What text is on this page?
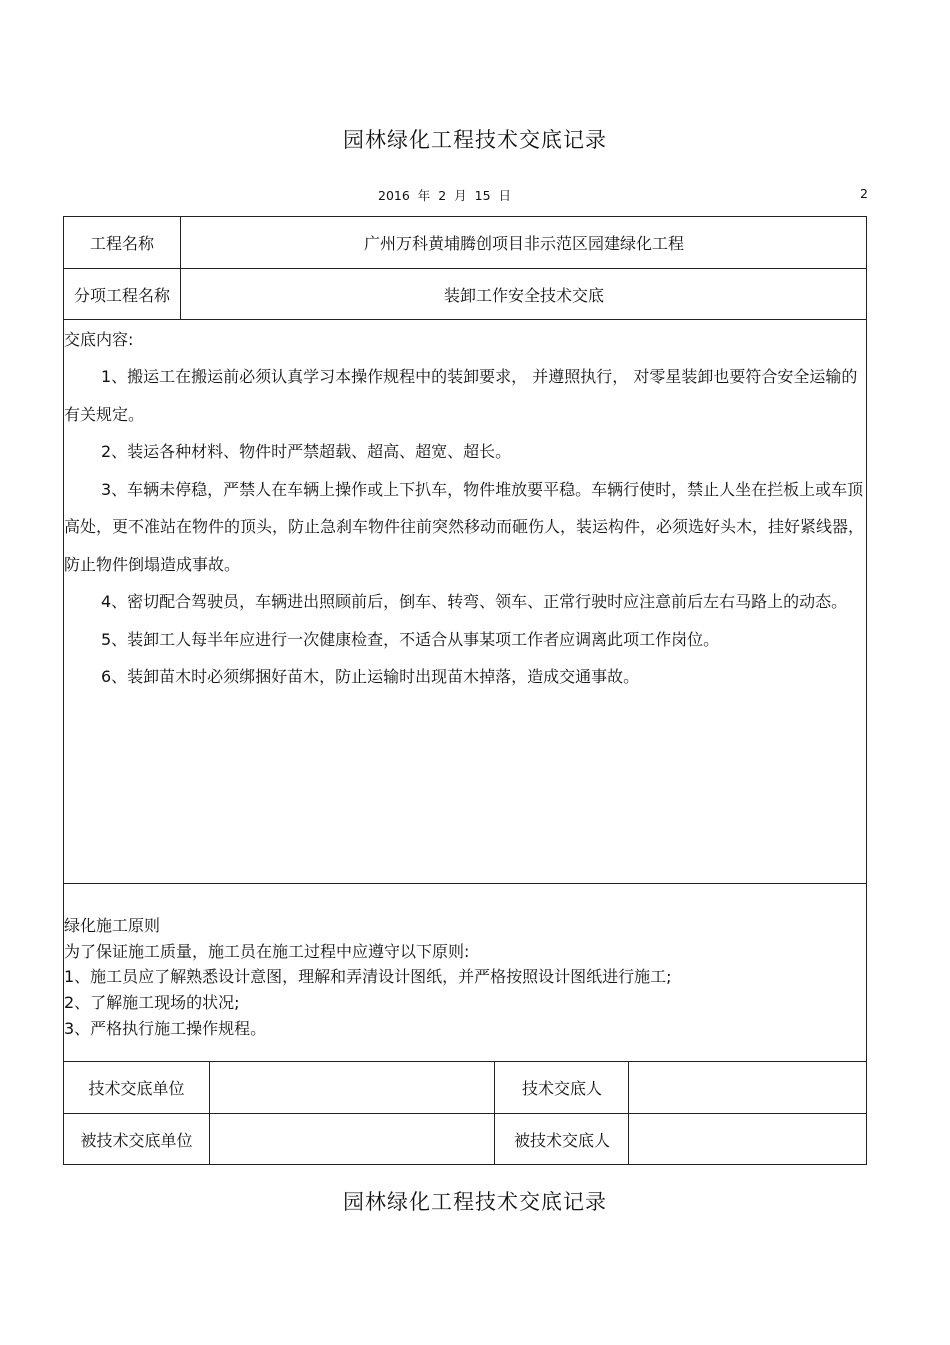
园林绿化工程技术交底记录
2016 年 2 月 15 日	2
工程名称	广州万科黄埔腾创项目非示范区园建绿化工程
分项工程名称	装卸工作安全技术交底

交底内容:

1、搬运工在搬运前必须认真学习本操作规程中的装卸要求， 并遵照执行， 对零星装卸也要符合安全运输的有关规定。

2、装运各种材料、物件时严禁超载、超高、超宽、超长。

3、车辆未停稳，严禁人在车辆上操作或上下扒车，物件堆放要平稳。车辆行使时，禁止人坐在拦板上或车顶高处，更不准站在物件的顶头，防止急刹车物件往前突然移动而砸伤人，装运构件，必须选好头木，挂好紧线器，防止物件倒塌造成事故。

4、密切配合驾驶员，车辆进出照顾前后，倒车、转弯、领车、正常行驶时应注意前后左右马路上的动态。

5、装卸工人每半年应进行一次健康检查，不适合从事某项工作者应调离此项工作岗位。

6、装卸苗木时必须绑捆好苗木，防止运输时出现苗木掉落，造成交通事故。

绿化施工原则

为了保证施工质量，施工员在施工过程中应遵守以下原则:

1、施工员应了解熟悉设计意图，理解和弄清设计图纸，并严格按照设计图纸进行施工;

2、了解施工现场的状况;

3、严格执行施工操作规程。

技术交底单位	技术交底人
被技术交底单位	被技术交底人
园林绿化工程技术交底记录
